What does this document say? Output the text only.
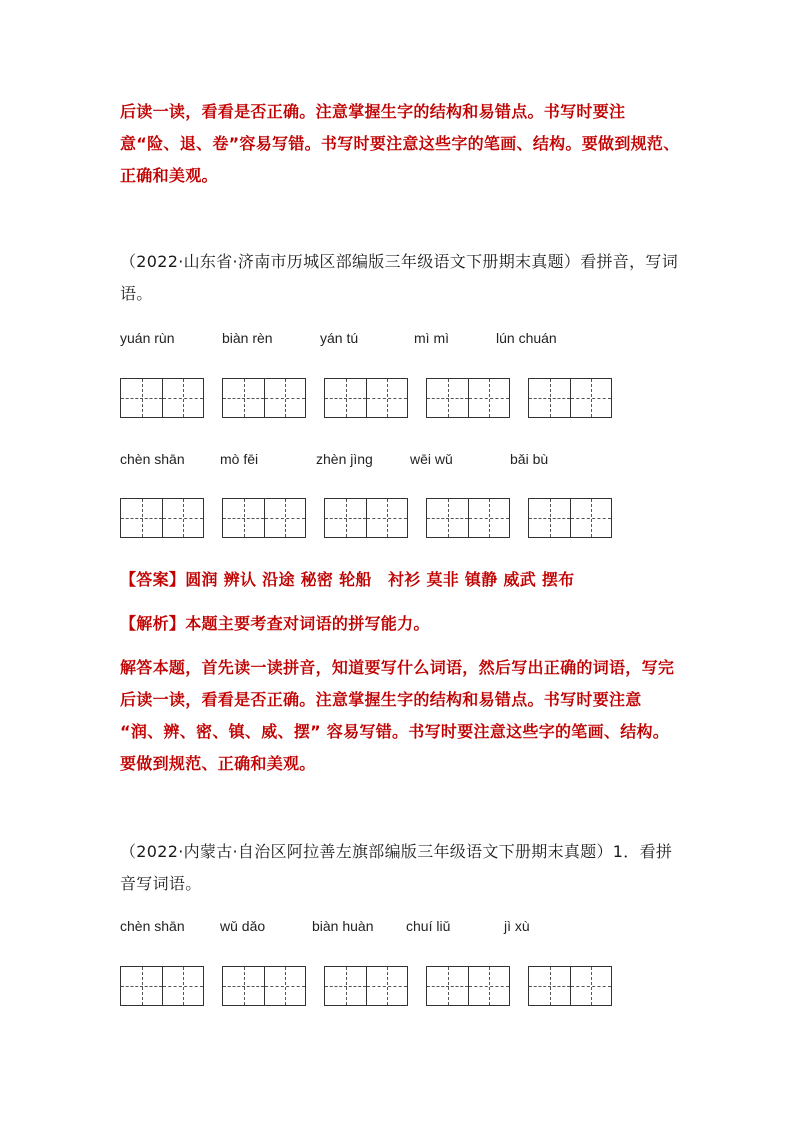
后读一读，看看是否正确。注意掌握生字的结构和易错点。书写时要注意“险、退、卷”容易写错。书写时要注意这些字的笔画、结构。要做到规范、正确和美观。
（2022·山东省·济南市历城区部编版三年级语文下册期末真题）看拼音，写词语。
yuán rùn	biàn rèn	yán tú	mì mì	lún chuán
chèn shān	mò fēi	zhèn jìng	wēi wǔ	bǎi bù
【答案】圆润 辨认 沿途 秘密 轮船　衬衫 莫非 镇静 威武 摆布
【解析】本题主要考查对词语的拼写能力。
解答本题，首先读一读拼音，知道要写什么词语，然后写出正确的词语，写完后读一读，看看是否正确。注意掌握生字的结构和易错点。书写时要注意 “润、辨、密、镇、威、摆” 容易写错。书写时要注意这些字的笔画、结构。要做到规范、正确和美观。
（2022·内蒙古·自治区阿拉善左旗部编版三年级语文下册期末真题）1．看拼音写词语。
chèn shān	wǔ dǎo	biàn huàn chuí liǔ	jì xù
